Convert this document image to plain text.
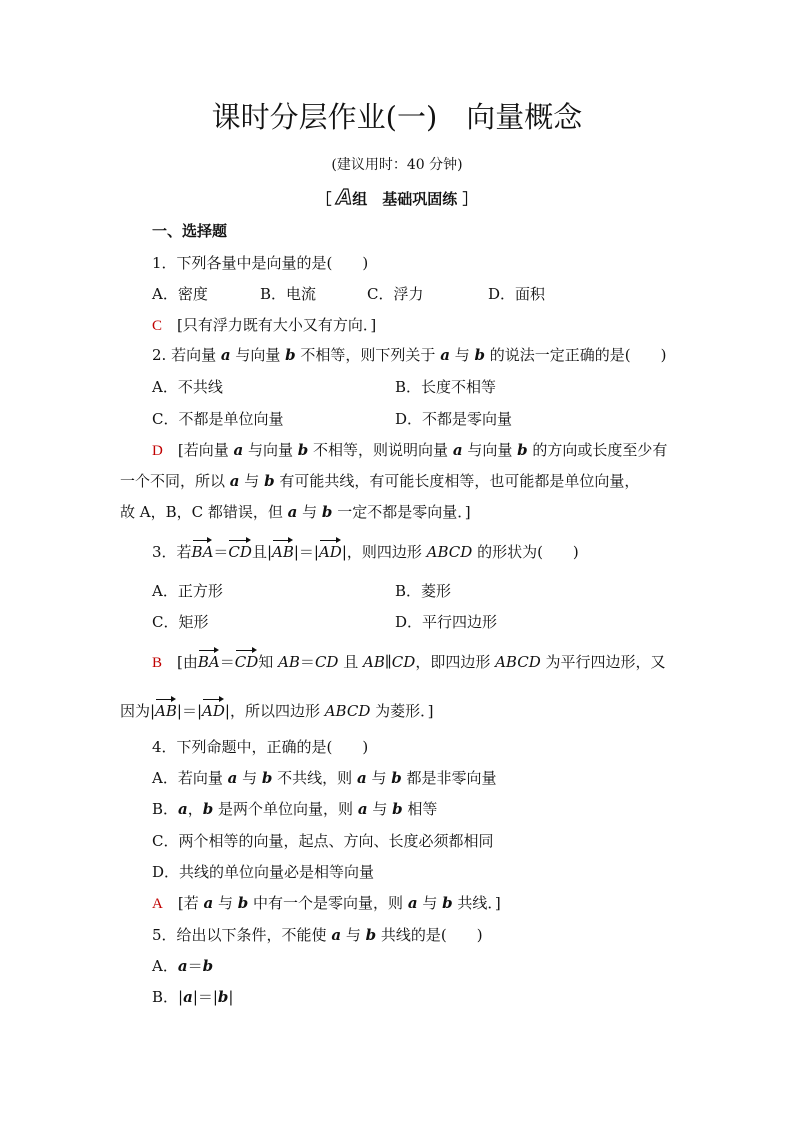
课时分层作业(一)　向量概念
(建议用时：40 分钟)
［ A组　基础巩固练 ］
一、选择题
1．下列各量中是向量的是(　　)
A．密度	B．电流	C．浮力	D．面积
C　 [只有浮力既有大小又有方向．]
2. 若向量 a 与向量 b 不相等，则下列关于 a 与 b 的说法一定正确的是(　　)
A．不共线	B．长度不相等
C．不都是单位向量	D．不都是零向量
D　 [若向量 a 与向量 b 不相等，则说明向量 a 与向量 b 的方向或长度至少有
一个不同，所以 a 与 b 有可能共线，有可能长度相等，也可能都是单位向量，
故 A，B，C 都错误，但 a 与 b 一定不都是零向量．]
3．若BA＝CD且|AB|＝|AD|，则四边形 ABCD 的形状为(　　)
A．正方形	B．菱形
C．矩形	D．平行四边形
B　 [由BA＝CD知 AB＝CD 且 AB∥CD，即四边形 ABCD 为平行四边形，又
因为|AB|＝|AD|，所以四边形 ABCD 为菱形．]
4．下列命题中，正确的是(　　)
A．若向量 a 与 b 不共线，则 a 与 b 都是非零向量
B．a，b 是两个单位向量，则 a 与 b 相等
C．两个相等的向量，起点、方向、长度必须都相同
D．共线的单位向量必是相等向量
A　 [若 a 与 b 中有一个是零向量，则 a 与 b 共线．]
5．给出以下条件，不能使 a 与 b 共线的是(　　)
A．a＝b
B．|a|＝|b|
